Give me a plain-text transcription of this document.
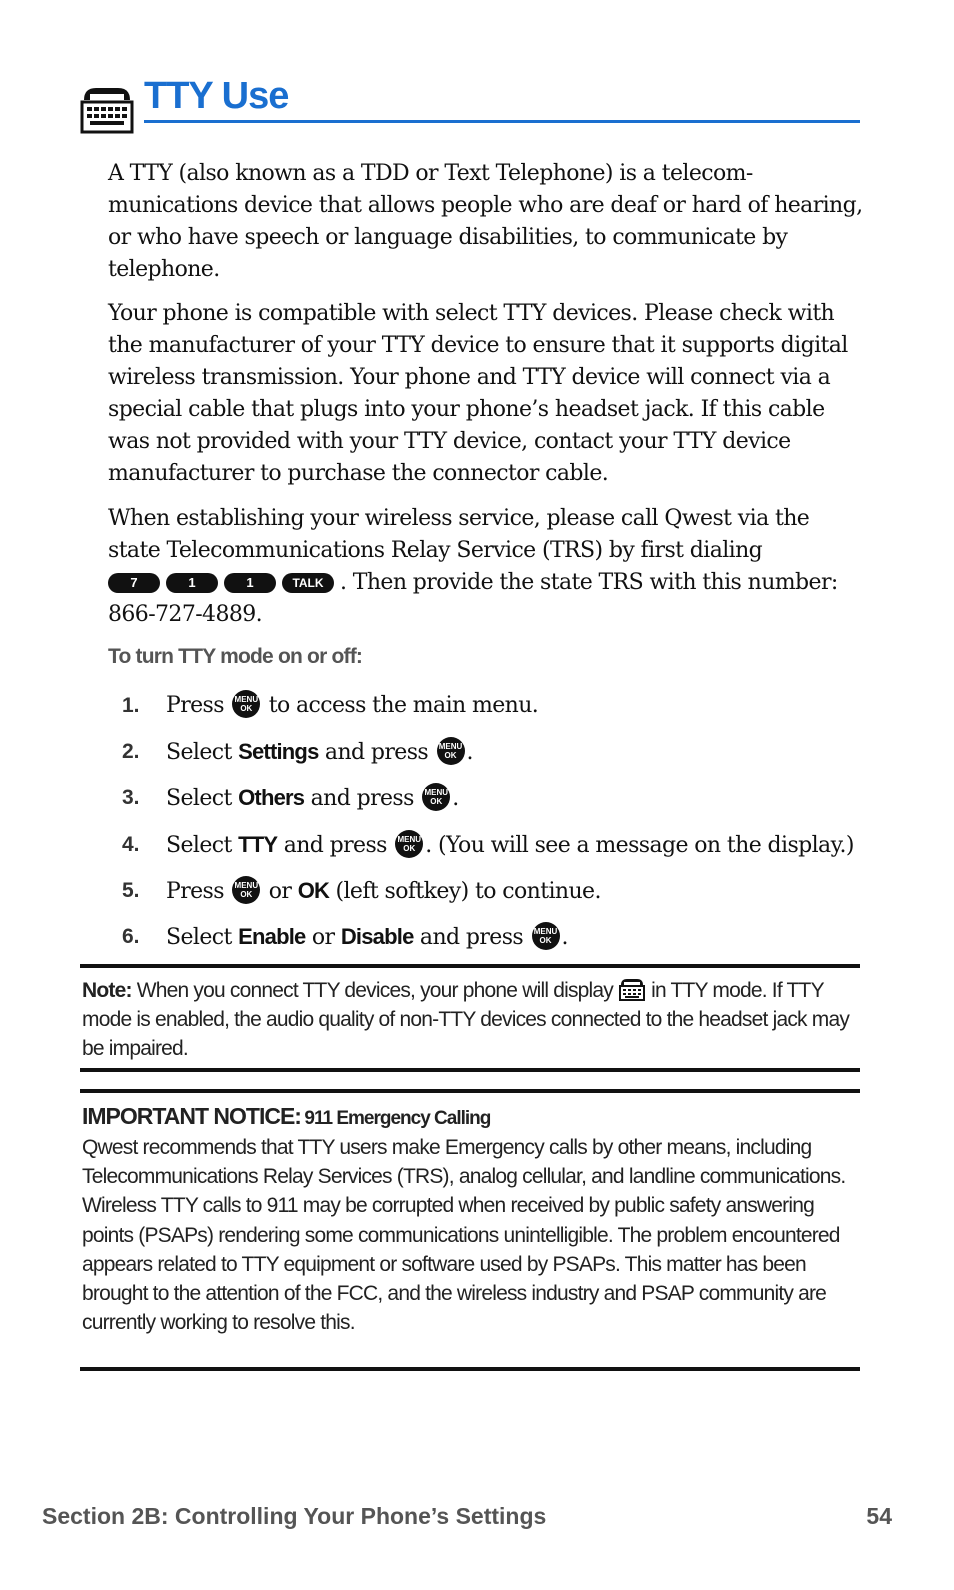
TTY Use

A TTY (also known as a TDD or Text Telephone) is a telecom-munications device that allows people who are deaf or hard of hearing, or who have speech or language disabilities, to communicate by telephone.

Your phone is compatible with select TTY devices. Please check with the manufacturer of your TTY device to ensure that it supports digital wireless transmission. Your phone and TTY device will connect via a special cable that plugs into your phone’s headset jack. If this cable was not provided with your TTY device, contact your TTY device manufacturer to purchase the connector cable.

When establishing your wireless service, please call Qwest via the state Telecommunications Relay Service (TRS) by first dialing
7	1	1	TALK . Then provide the state TRS with this number: 866-727-4889.

To turn TTY mode on or off:
1. Press MENU
OK to access the main menu.
2. Select Settings and press MENU
OK .
3. Select Others and press MENU
OK .
4. Select TTY and press MENU
OK . (You will see a message on the display.)
5. Press MENU
OK or OK (left softkey) to continue.
6. Select Enable or Disable and press MENU
OK .
Note: When you connect TTY devices, your phone will display in TTY mode. If TTY mode is enabled, the audio quality of non-TTY devices connected to the headset jack may be impaired.
IMPORTANT NOTICE: 911 Emergency Calling
Qwest recommends that TTY users make Emergency calls by other means, including Telecommunications Relay Services (TRS), analog cellular, and landline communications. Wireless TTY calls to 911 may be corrupted when received by public safety answering points (PSAPs) rendering some communications unintelligible. The problem encountered appears related to TTY equipment or software used by PSAPs. This matter has been brought to the attention of the FCC, and the wireless industry and PSAP community are currently working to resolve this.
Section 2B: Controlling Your Phone’s Settings	54
